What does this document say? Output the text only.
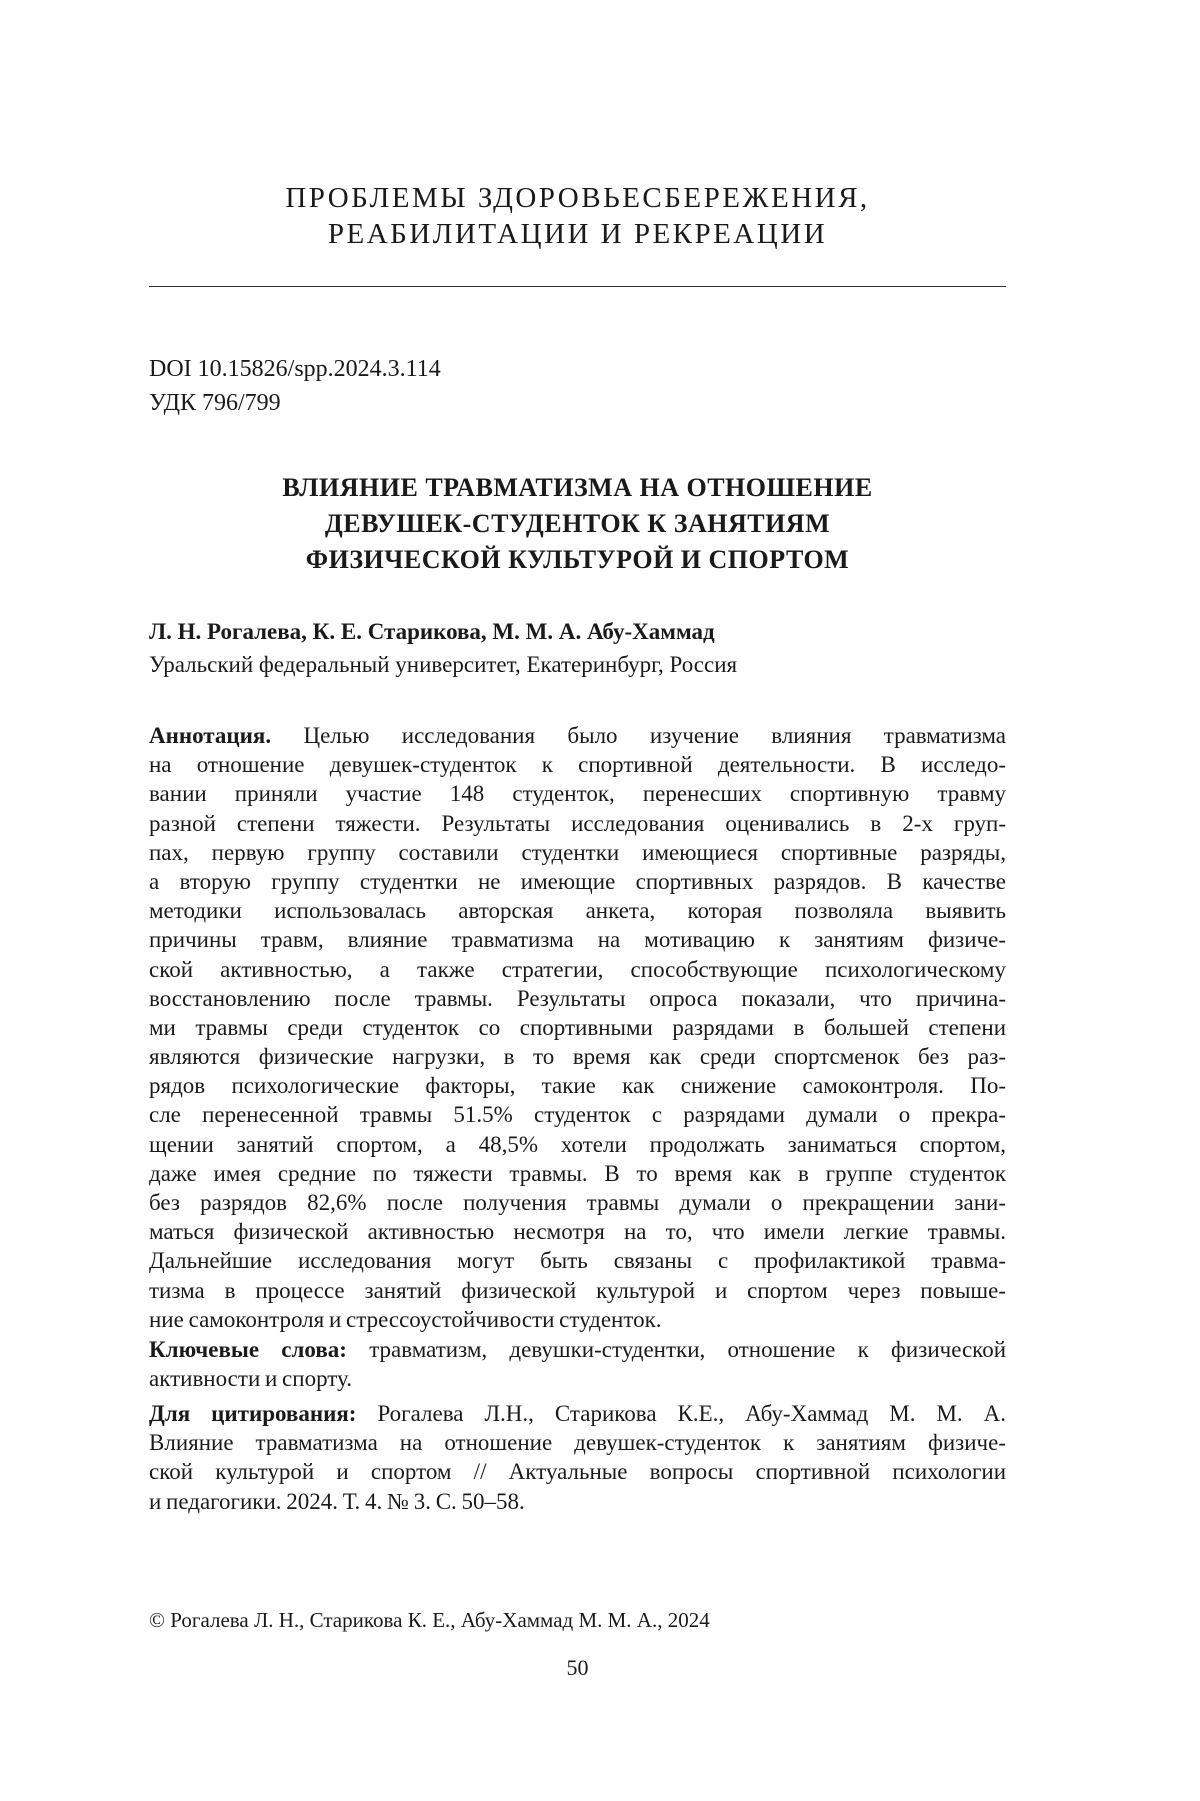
ПРОБЛЕМЫ ЗДОРОВЬЕСБЕРЕЖЕНИЯ,
РЕАБИЛИТАЦИИ И РЕКРЕАЦИИ
DOI 10.15826/spp.2024.3.114
УДК 796/799
ВЛИЯНИЕ ТРАВМАТИЗМА НА ОТНОШЕНИЕ
ДЕВУШЕК-СТУДЕНТОК К ЗАНЯТИЯМ
ФИЗИЧЕСКОЙ КУЛЬТУРОЙ И СПОРТОМ
Л. Н. Рогалева, К. Е. Старикова, М. М. А. Абу-Хаммад
Уральский федеральный университет, Екатеринбург, Россия
Аннотация. Целью исследования было изучение влияния травматизма
на отношение девушек-студенток к спортивной деятельности. В исследо-
вании приняли участие 148 студенток, перенесших спортивную травму
разной степени тяжести. Результаты исследования оценивались в 2-х груп-
пах, первую группу составили студентки имеющиеся спортивные разряды,
а вторую группу студентки не имеющие спортивных разрядов. В качестве
методики использовалась авторская анкета, которая позволяла выявить
причины травм, влияние травматизма на мотивацию к занятиям физиче-
ской активностью, а также стратегии, способствующие психологическому
восстановлению после травмы. Результаты опроса показали, что причина-
ми травмы среди студенток со спортивными разрядами в большей степени
являются физические нагрузки, в то время как среди спортсменок без раз-
рядов психологические факторы, такие как снижение самоконтроля. По-
сле перенесенной травмы 51.5% студенток с разрядами думали о прекра-
щении занятий спортом, а 48,5% хотели продолжать заниматься спортом,
даже имея средние по тяжести травмы. В то время как в группе студенток
без разрядов 82,6% после получения травмы думали о прекращении зани-
маться физической активностью несмотря на то, что имели легкие травмы.
Дальнейшие исследования могут быть связаны с профилактикой травма-
тизма в процессе занятий физической культурой и спортом через повыше-
ние самоконтроля и стрессоустойчивости студенток.
Ключевые слова: травматизм, девушки-студентки, отношение к физической
активности и спорту.
Для цитирования: Рогалева Л.Н., Старикова К.Е., Абу-Хаммад М. М. А.
Влияние травматизма на отношение девушек-студенток к занятиям физиче-
ской культурой и спортом // Актуальные вопросы спортивной психологии
и педагогики. 2024. Т. 4. № 3. С. 50–58.
© Рогалева Л. Н., Старикова К. Е., Абу-Хаммад М. М. А., 2024
50
